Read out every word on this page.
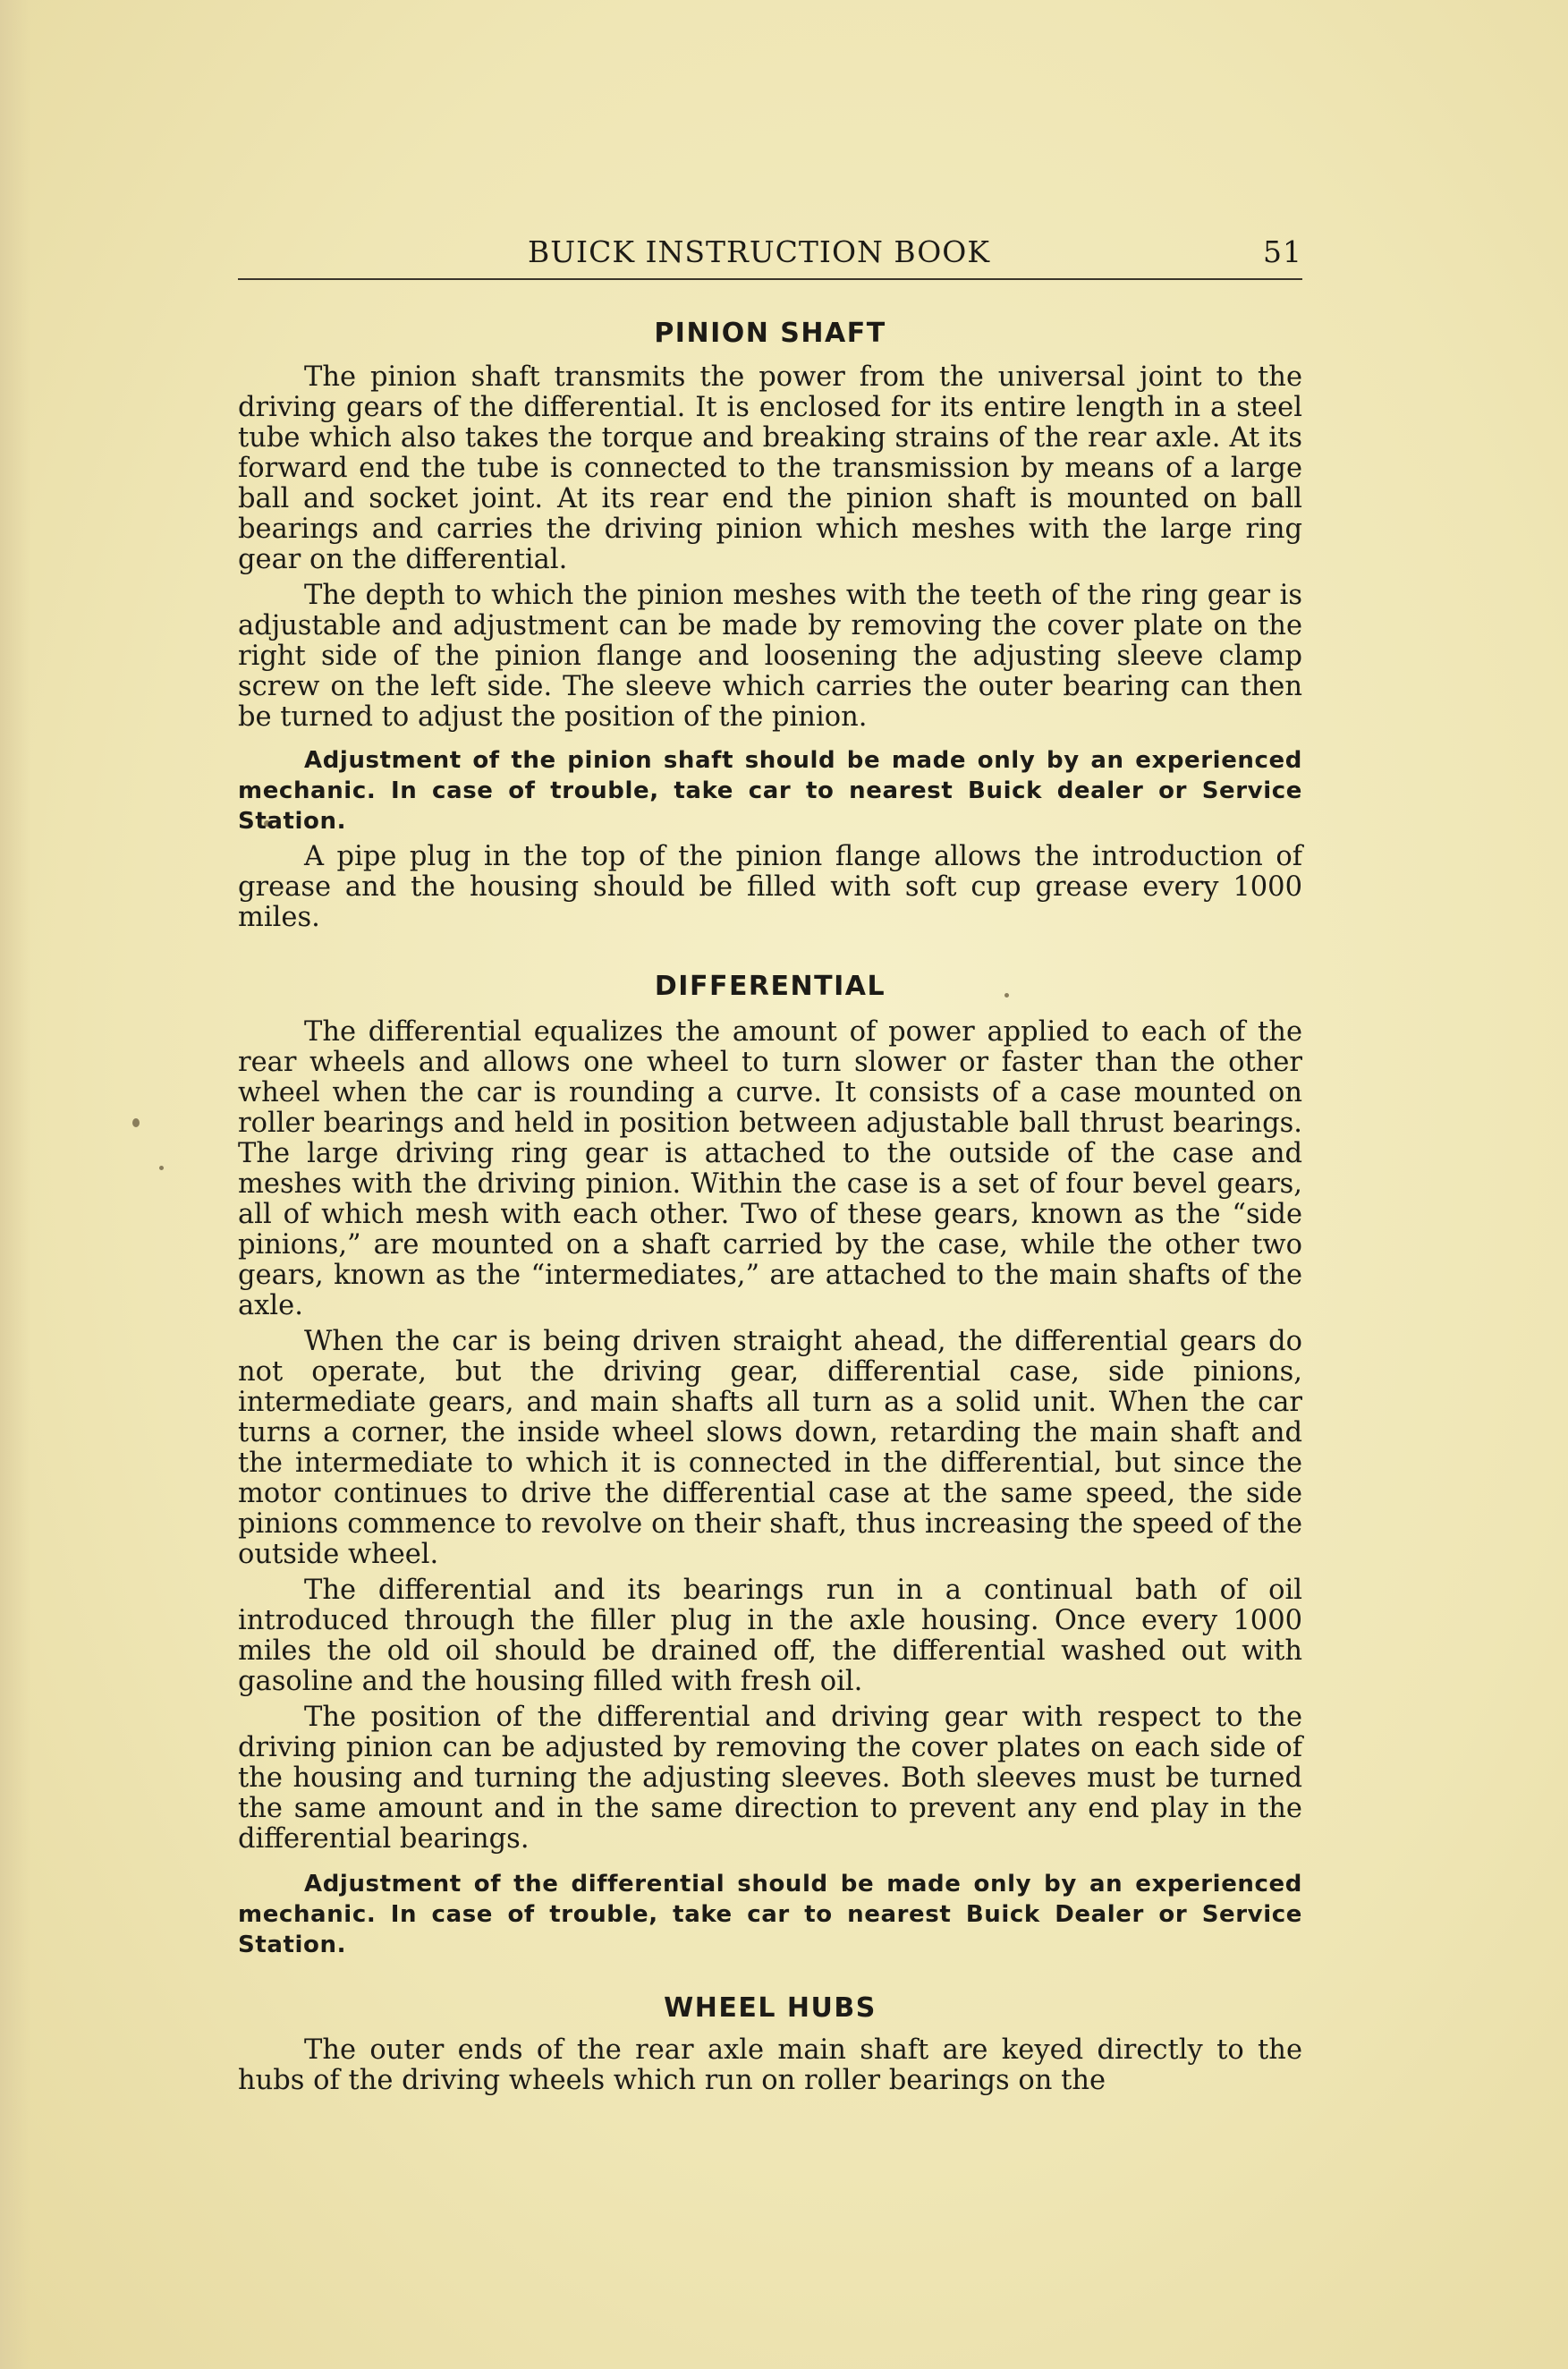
BUICK INSTRUCTION BOOK	51
PINION SHAFT

The pinion shaft transmits the power from the universal joint to the driving gears of the differential. It is enclosed for its entire length in a steel tube which also takes the torque and breaking strains of the rear axle. At its forward end the tube is connected to the transmission by means of a large ball and socket joint. At its rear end the pinion shaft is mounted on ball bearings and carries the driving pinion which meshes with the large ring gear on the differential.

The depth to which the pinion meshes with the teeth of the ring gear is adjustable and adjustment can be made by removing the cover plate on the right side of the pinion flange and loosening the adjusting sleeve clamp screw on the left side. The sleeve which carries the outer bearing can then be turned to adjust the position of the pinion.

Adjustment of the pinion shaft should be made only by an experienced mechanic. In case of trouble, take car to nearest Buick dealer or Service Station.

A pipe plug in the top of the pinion flange allows the introduction of grease and the housing should be filled with soft cup grease every 1000 miles.

DIFFERENTIAL

The differential equalizes the amount of power applied to each of the rear wheels and allows one wheel to turn slower or faster than the other wheel when the car is rounding a curve. It consists of a case mounted on roller bearings and held in position between adjustable ball thrust bearings. The large driving ring gear is attached to the outside of the case and meshes with the driving pinion. Within the case is a set of four bevel gears, all of which mesh with each other. Two of these gears, known as the “side pinions,” are mounted on a shaft carried by the case, while the other two gears, known as the “intermediates,” are attached to the main shafts of the axle.

When the car is being driven straight ahead, the differential gears do not operate, but the driving gear, differential case, side pinions, intermediate gears, and main shafts all turn as a solid unit. When the car turns a corner, the inside wheel slows down, retarding the main shaft and the intermediate to which it is connected in the differential, but since the motor continues to drive the differential case at the same speed, the side pinions commence to revolve on their shaft, thus increasing the speed of the outside wheel.

The differential and its bearings run in a continual bath of oil introduced through the filler plug in the axle housing. Once every 1000 miles the old oil should be drained off, the differential washed out with gasoline and the housing filled with fresh oil.

The position of the differential and driving gear with respect to the driving pinion can be adjusted by removing the cover plates on each side of the housing and turning the adjusting sleeves. Both sleeves must be turned the same amount and in the same direction to prevent any end play in the differential bearings.

Adjustment of the differential should be made only by an experienced mechanic. In case of trouble, take car to nearest Buick Dealer or Service Station.

WHEEL HUBS

The outer ends of the rear axle main shaft are keyed directly to the hubs of the driving wheels which run on roller bearings on the
